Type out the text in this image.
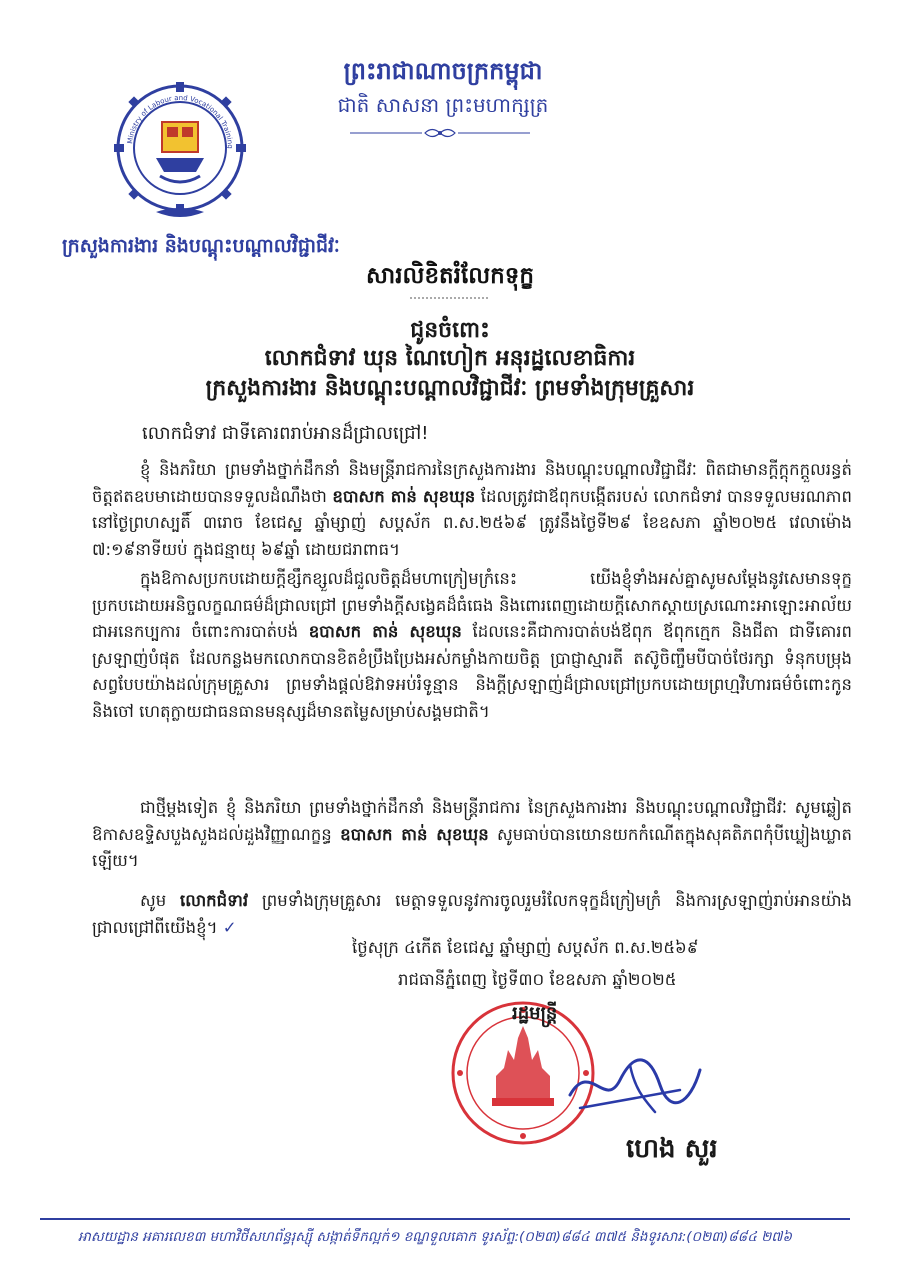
ព្រះរាជាណាចក្រកម្ពុជា
ជាតិ សាសនា ព្រះមហាក្សត្រ
Ministry of Labour and Vocational Training
ក្រសួងការងារ និងបណ្តុះបណ្តាលវិជ្ជាជីវៈ
សារលិខិតរំលែកទុក្ខ
ជូនចំពោះ
លោកជំទាវ ឃុន ណៃហៀក អនុរដ្ឋលេខាធិការ
ក្រសួងការងារ និងបណ្តុះបណ្តាលវិជ្ជាជីវៈ ព្រមទាំងក្រុមគ្រួសារ
លោកជំទាវ ជាទីគោរពរាប់អានដ៏ជ្រាលជ្រៅ!
ខ្ញុំ និងភរិយា ព្រមទាំងថ្នាក់ដឹកនាំ និងមន្ត្រីរាជការនៃក្រសួងការងារ និងបណ្តុះបណ្តាលវិជ្ជាជីវៈ ពិតជាមានក្តីក្តុកក្តួលរន្ធត់ចិត្តឥតឧបមាដោយបានទទួលដំណឹងថា ឧបាសក តាន់ សុខឃុន ដែលត្រូវជាឪពុកបង្កើតរបស់ លោកជំទាវ បានទទួលមរណភាពនៅថ្ងៃព្រហស្បតិ៍ ៣រោច ខែជេស្ឋ ឆ្នាំម្សាញ់ សប្តស័ក ព.ស.២៥៦៩ ត្រូវនឹងថ្ងៃទី២៩ ខែឧសភា ឆ្នាំ២០២៥ វេលាម៉ោង ៧:១៩នាទីយប់ ក្នុងជន្មាយុ ៦៩ឆ្នាំ ដោយជរាពាធ។
ក្នុងឱកាសប្រកបដោយក្តីខ្សឹកខ្សួលដ៏ជួលចិត្តដ៏មហាក្រៀមក្រំនេះ យើងខ្ញុំទាំងអស់គ្នាសូមសម្តែងនូវសេមានទុក្ខប្រកបដោយអនិច្ចលក្ខណធម៌ដ៏ជ្រាលជ្រៅ ព្រមទាំងក្តីសង្វេគដ៏ធំធេង និងពោរពេញដោយក្តីសោកស្តាយស្រណោះអាឡោះអាល័យជាអនេកប្បការ ចំពោះការបាត់បង់ ឧបាសក តាន់ សុខឃុន ដែលនេះគឺជាការបាត់បង់ឪពុក ឪពុកក្មេក និងជីតា ជាទីគោរពស្រឡាញ់បំផុត ដែលកន្លងមកលោកបានខិតខំប្រឹងប្រែងអស់កម្លាំងកាយចិត្ត ប្រាជ្ញាស្មារតី តស៊ូចិញ្ចឹមបីបាច់ថែរក្សា ទំនុកបម្រុងសព្វបែបយ៉ាងដល់ក្រុមគ្រួសារ ព្រមទាំងផ្តល់ឱវាទអប់រំទូន្មាន និងក្តីស្រឡាញ់ដ៏ជ្រាលជ្រៅប្រកបដោយព្រហ្មវិហារធម៌ចំពោះកូន និងចៅ ហេតុក្លាយជាធនធានមនុស្សដ៏មានតម្លៃសម្រាប់សង្គមជាតិ។
ជាថ្មីម្តងទៀត ខ្ញុំ និងភរិយា ព្រមទាំងថ្នាក់ដឹកនាំ និងមន្ត្រីរាជការ នៃក្រសួងការងារ និងបណ្តុះបណ្តាលវិជ្ជាជីវៈ សូមឆ្លៀតឱកាសឧទ្ទិសបួងសួងដល់ដួងវិញ្ញាណក្ខន្ធ ឧបាសក តាន់ សុខឃុន សូមធាប់បានយោនយកកំណើតក្នុងសុគតិភពកុំបីឃ្លៀងឃ្លាតឡើយ។
សូម លោកជំទាវ ព្រមទាំងក្រុមគ្រួសារ មេត្តាទទួលនូវការចូលរួមរំលែកទុក្ខដ៏ក្រៀមក្រំ និងការស្រឡាញ់រាប់អានយ៉ាងជ្រាលជ្រៅពីយើងខ្ញុំ។ ✓
ថ្ងៃសុក្រ ៤កើត ខែជេស្ឋ ឆ្នាំម្សាញ់ សប្តស័ក ព.ស.២៥៦៩
រាជធានីភ្នំពេញ ថ្ងៃទី៣០ ខែឧសភា ឆ្នាំ២០២៥
រដ្ឋមន្ត្រី
ហេង សួរ
អាសយដ្ឋាន អគារលេខ៣ មហាវិថីសហព័ន្ធរុស្ស៊ី សង្កាត់ទឹកល្អក់១ ខណ្ឌទួលគោក ទូរស័ព្ទ:(០២៣)៨៨៤ ៣៧៥ និងទូរសារ:(០២៣)៨៨៤ ២៧៦
